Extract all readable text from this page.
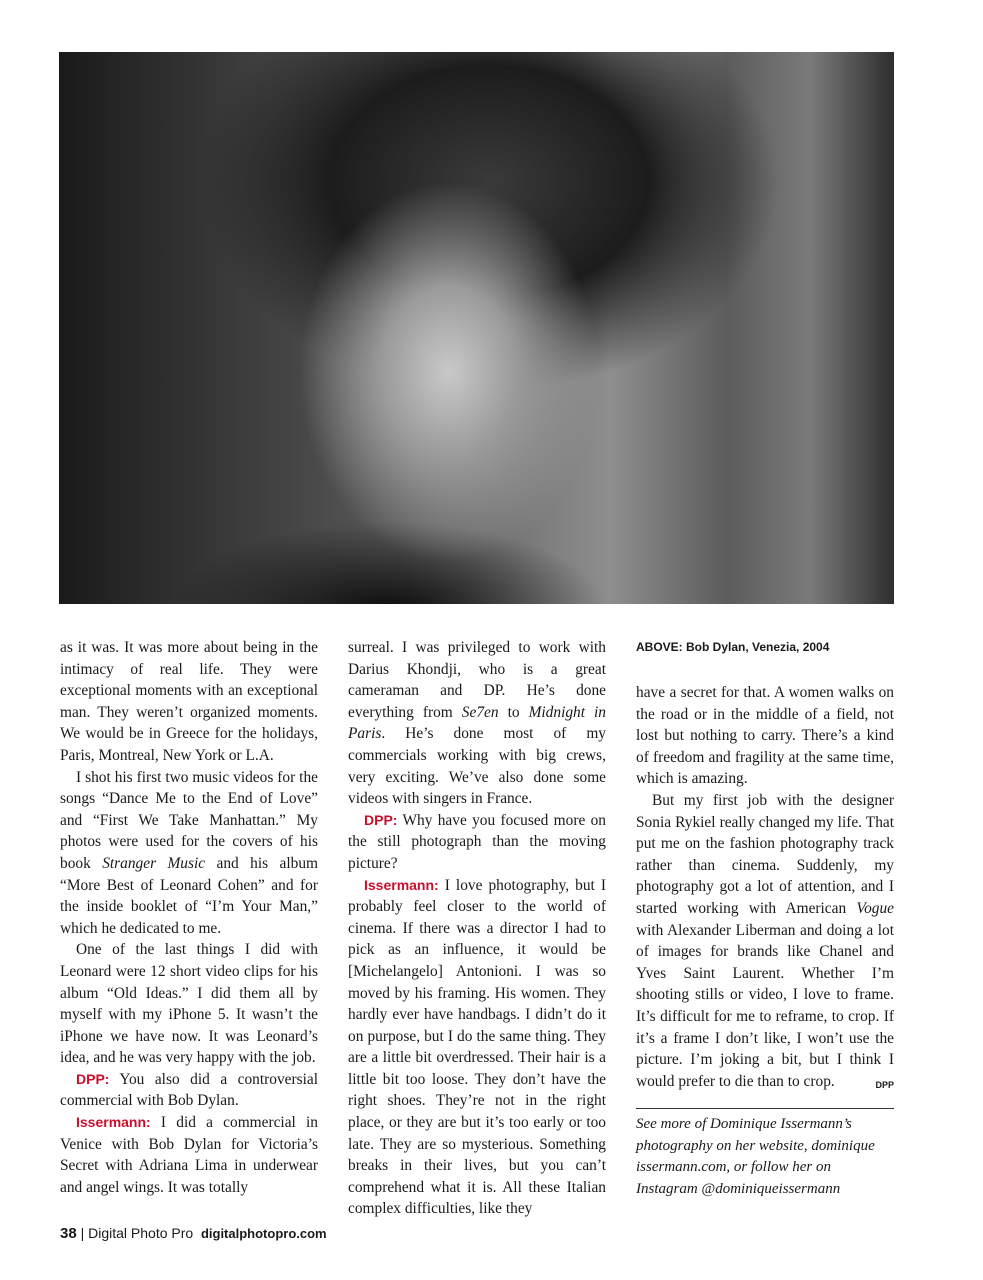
ABOVE: Bob Dylan, Venezia, 2004

as it was. It was more about being in the intimacy of real life. They were exceptional moments with an exceptional man. They weren’t organized moments. We would be in Greece for the holidays, Paris, Montreal, New York or L.A.

I shot his first two music videos for the songs “Dance Me to the End of Love” and “First We Take Manhattan.” My photos were used for the covers of his book Stranger Music and his album “More Best of Leonard Cohen” and for the inside booklet of “I’m Your Man,” which he dedicated to me.

One of the last things I did with Leonard were 12 short video clips for his album “Old Ideas.” I did them all by myself with my iPhone 5. It wasn’t the iPhone we have now. It was Leonard’s idea, and he was very happy with the job.

DPP: You also did a controversial commercial with Bob Dylan.

Issermann: I did a commercial in Venice with Bob Dylan for Victoria’s Secret with Adriana Lima in underwear and angel wings. It was totally

surreal. I was privileged to work with Darius Khondji, who is a great cameraman and DP. He’s done everything from Se7en to Midnight in Paris. He’s done most of my commercials working with big crews, very exciting. We’ve also done some videos with singers in France.

DPP: Why have you focused more on the still photograph than the moving picture?

Issermann: I love photography, but I probably feel closer to the world of cinema. If there was a director I had to pick as an influence, it would be [Michelangelo] Antonioni. I was so moved by his framing. His women. They hardly ever have handbags. I didn’t do it on purpose, but I do the same thing. They are a little bit overdressed. Their hair is a little bit too loose. They don’t have the right shoes. They’re not in the right place, or they are but it’s too early or too late. They are so mysterious. Something breaks in their lives, but you can’t comprehend what it is. All these Italian complex difficulties, like they

have a secret for that. A women walks on the road or in the middle of a field, not lost but nothing to carry. There’s a kind of freedom and fragility at the same time, which is amazing.

But my first job with the designer Sonia Rykiel really changed my life. That put me on the fashion photography track rather than cinema. Suddenly, my photography got a lot of attention, and I started working with American Vogue with Alexander Liberman and doing a lot of images for brands like Chanel and Yves Saint Laurent. Whether I’m shooting stills or video, I love to frame. It’s difficult for me to reframe, to crop. If it’s a frame I don’t like, I won’t use the picture. I’m joking a bit, but I think I would prefer to die than to crop.	DPP

See more of Dominique Issermann’s photography on her website, dominique issermann.com, or follow her on Instagram @dominiqueissermann
38 | Digital Photo Pro digitalphotopro.com
